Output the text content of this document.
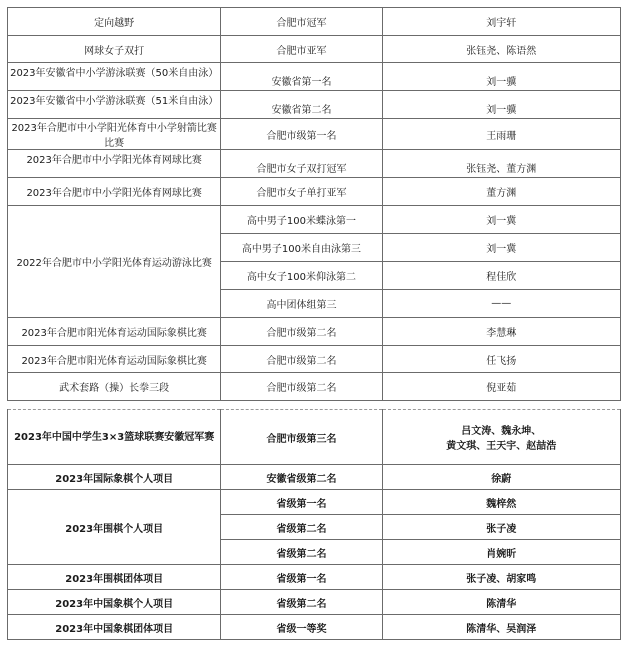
定向越野	合肥市冠军	刘宇轩
网球女子双打	合肥市亚军	张钰尧、陈语然
2023年安徽省中小学游泳联赛（50米自由泳）	安徽省第一名	刘一骥
2023年安徽省中小学游泳联赛（51米自由泳）	安徽省第二名	刘一骥
2023年合肥市中小学阳光体育中小学射箭比赛比赛	合肥市级第一名	王雨珊
2023年合肥市中小学阳光体育网球比赛	合肥市女子双打冠军	张钰尧、董方渊
2023年合肥市中小学阳光体育网球比赛	合肥市女子单打亚军	董方渊
2022年合肥市中小学阳光体育运动游泳比赛	高中男子100米蝶泳第一	刘一冀
	高中男子100米自由泳第三	刘一冀
	高中女子100米仰泳第二	程佳欣
	高中团体组第三	——
2023年合肥市阳光体育运动国际象棋比赛	合肥市级第二名	李慧琳
2023年合肥市阳光体育运动国际象棋比赛	合肥市级第二名	任飞扬
武术套路（操）长拳三段	合肥市级第二名	倪亚茹
2023年中国中学生3×3篮球联赛安徽冠军赛	合肥市级第三名	吕文涛、魏永坤、
黄文琪、王天宇、赵喆浩

2023年国际象棋个人项目	安徽省级第二名	徐蔚
2023年围棋个人项目	省级第一名	魏梓然
	省级第二名	张子凌
	省级第二名	肖婉昕
2023年围棋团体项目	省级第一名	张子凌、胡家鸣
2023年中国象棋个人项目	省级第二名	陈清华
2023年中国象棋团体项目	省级一等奖	陈清华、吴润泽
